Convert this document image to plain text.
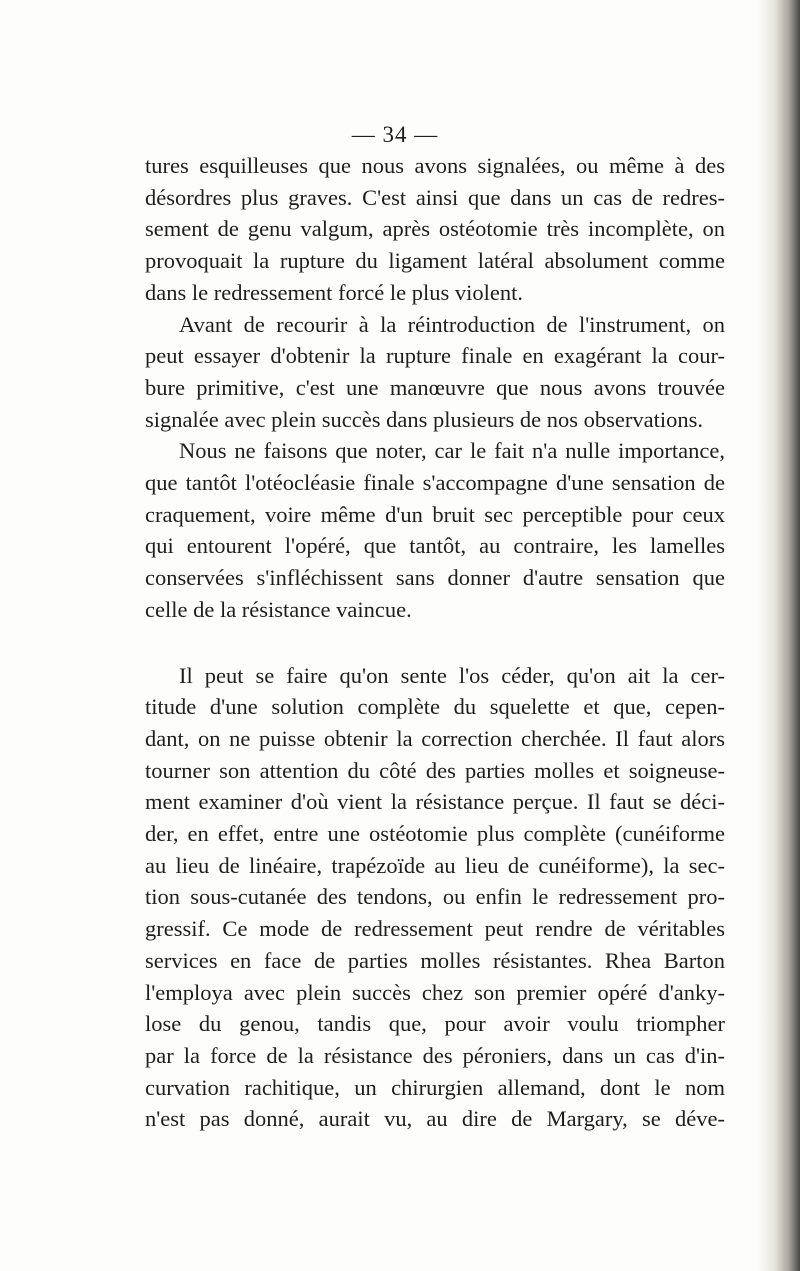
— 34 —
tures esquilleuses que nous avons signalées, ou même à des
désordres plus graves. C'est ainsi que dans un cas de redres-
sement de genu valgum, après ostéotomie très incomplète, on
provoquait la rupture du ligament latéral absolument comme
dans le redressement forcé le plus violent.
Avant de recourir à la réintroduction de l'instrument, on
peut essayer d'obtenir la rupture finale en exagérant la cour-
bure primitive, c'est une manœuvre que nous avons trouvée
signalée avec plein succès dans plusieurs de nos observations.
Nous ne faisons que noter, car le fait n'a nulle importance,
que tantôt l'otéocléasie finale s'accompagne d'une sensation de
craquement, voire même d'un bruit sec perceptible pour ceux
qui entourent l'opéré, que tantôt, au contraire, les lamelles
conservées s'infléchissent sans donner d'autre sensation que
celle de la résistance vaincue.
Il peut se faire qu'on sente l'os céder, qu'on ait la cer-
titude d'une solution complète du squelette et que, cepen-
dant, on ne puisse obtenir la correction cherchée. Il faut alors
tourner son attention du côté des parties molles et soigneuse-
ment examiner d'où vient la résistance perçue. Il faut se déci-
der, en effet, entre une ostéotomie plus complète (cunéiforme
au lieu de linéaire, trapézoïde au lieu de cunéiforme), la sec-
tion sous-cutanée des tendons, ou enfin le redressement pro-
gressif. Ce mode de redressement peut rendre de véritables
services en face de parties molles résistantes. Rhea Barton
l'employa avec plein succès chez son premier opéré d'anky-
lose du genou, tandis que, pour avoir voulu triompher
par la force de la résistance des péroniers, dans un cas d'in-
curvation rachitique, un chirurgien allemand, dont le nom
n'est pas donné, aurait vu, au dire de Margary, se déve-
